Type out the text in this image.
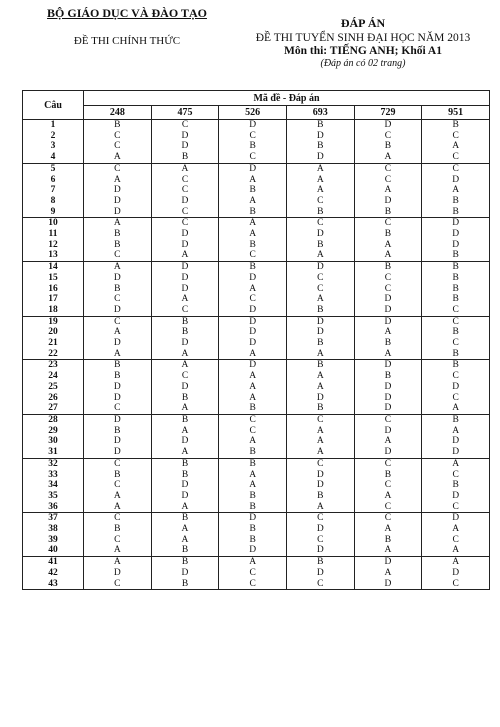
BỘ GIÁO DỤC VÀ ĐÀO TẠO
ĐỀ THI CHÍNH THỨC
ĐÁP ÁN
ĐỀ THI TUYỂN SINH ĐẠI HỌC NĂM 2013
Môn thi: TIẾNG ANH; Khối A1
(Đáp án có 02 trang)
Câu	Mã đề - Đáp án					
	248	475	526	693	729	951
1	B	C	D	B	D	B
2	C	D	C	D	C	C
3	C	D	B	B	B	A
4	A	B	C	D	A	C
5	C	A	D	A	C	C
6	A	C	A	A	C	D
7	D	C	B	A	A	A
8	D	D	A	C	D	B
9	D	C	B	B	B	B
10	A	C	A	C	C	D
11	B	D	A	D	B	D
12	B	D	B	B	A	D
13	C	A	C	A	A	B
14	A	D	B	D	B	B
15	D	D	D	C	C	B
16	B	D	A	C	C	B
17	C	A	C	A	D	B
18	D	C	D	B	D	C
19	C	B	D	D	D	C
20	A	B	D	D	A	B
21	D	D	D	B	B	C
22	A	A	A	A	A	B
23	B	A	D	B	D	B
24	B	C	A	A	B	C
25	D	D	A	A	D	D
26	D	B	A	D	D	C
27	C	A	B	B	D	A
28	D	B	C	C	C	B
29	B	A	C	A	D	A
30	D	D	A	A	A	D
31	D	A	B	A	D	D
32	C	B	B	C	C	A
33	B	B	A	D	B	C
34	C	D	A	D	C	B
35	A	D	B	B	A	D
36	A	A	B	A	C	C
37	C	B	D	C	C	D
38	B	A	B	D	A	A
39	C	A	B	C	B	C
40	A	B	D	D	A	A
41	A	B	A	B	D	A
42	D	D	C	D	A	D
43	C	B	C	C	D	C
